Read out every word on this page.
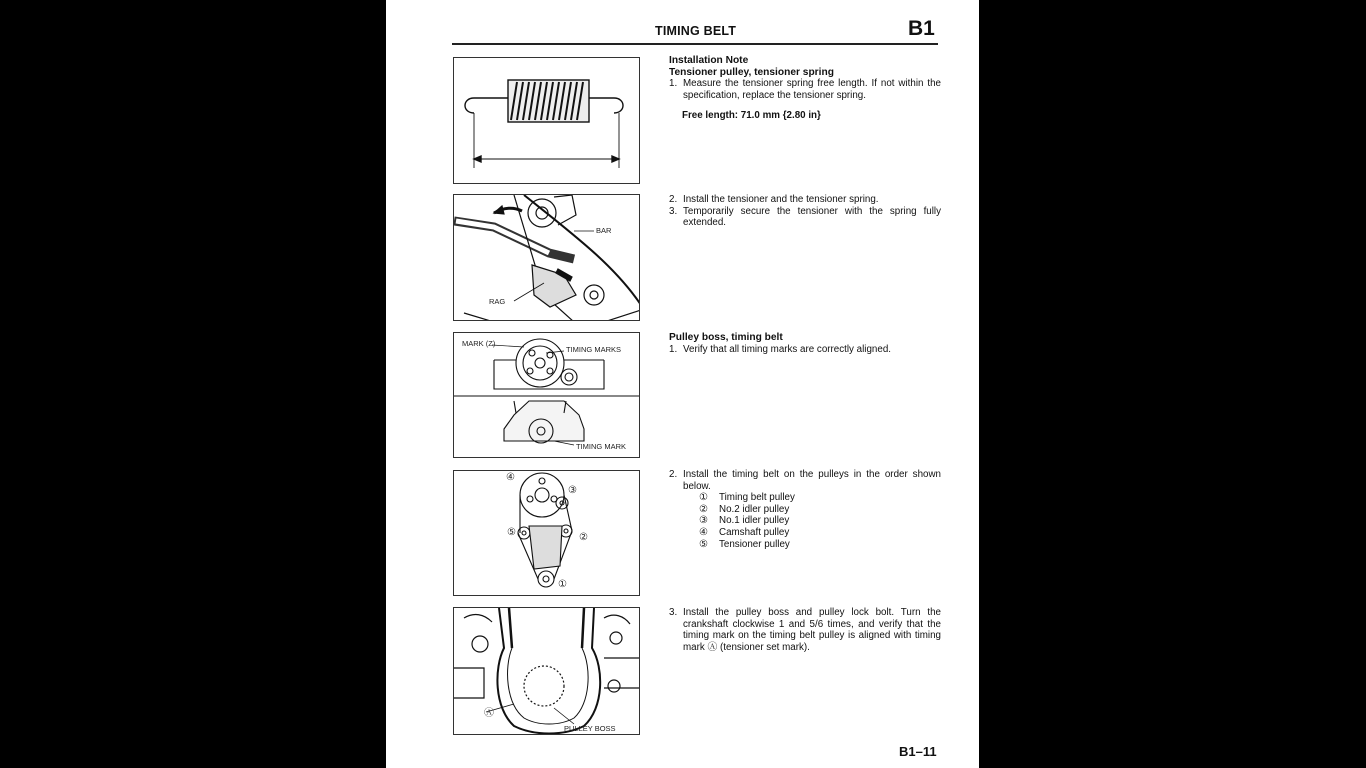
TIMING BELT	B1
BAR
RAG
MARK (Z)
TIMING MARKS
TIMING MARK
④
③
⑤	②
①
Ⓐ
PULLEY BOSS
Installation Note
Tensioner pulley, tensioner spring
1. Measure the tensioner spring free length. If not within the specification, replace the tensioner spring.
Free length: 71.0 mm {2.80 in}
2. Install the tensioner and the tensioner spring.
3. Temporarily secure the tensioner with the spring fully extended.
Pulley boss, timing belt
1. Verify that all timing marks are correctly aligned.
2. Install the timing belt on the pulleys in the order shown below.
①	Timing belt pulley
②	No.2 idler pulley
③	No.1 idler pulley
④	Camshaft pulley
⑤	Tensioner pulley
3. Install the pulley boss and pulley lock bolt. Turn the crankshaft clockwise 1 and 5/6 times, and verify that the timing mark on the timing belt pulley is aligned with timing mark Ⓐ (tensioner set mark).
B1–11
